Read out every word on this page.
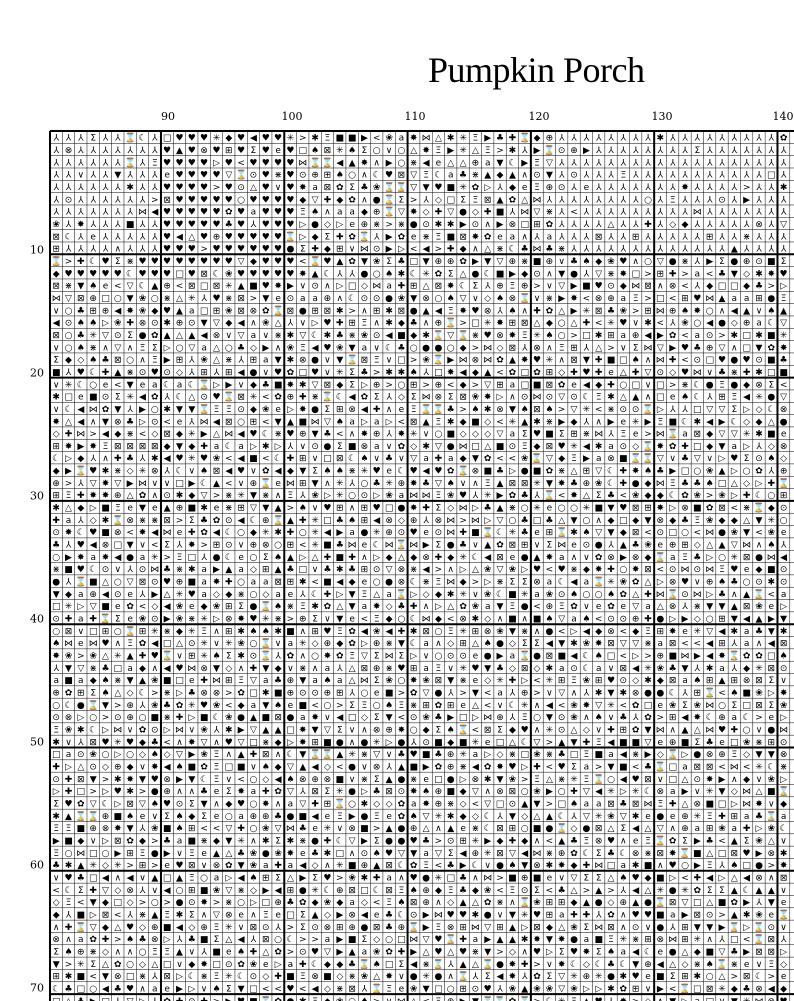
Pumpkin Porch
90	100	110	120	130	140
10
20
30
40
50
60
70
⅄ ⅄ ⅄ Σ ⅄ ⅄ ⌛ ☾ ⅄ □ ♥ ♥ ♥ ✳ ◆ ♥ ◀ ♥ ♥ ✳ > ✱ Ξ ■ ■ ▶ < ❀ a ✸ ⋈ △ ✱ ✳ Ξ ▶ ♣ ✚ ⌛ ◆ ⊕ ⅄ ⅄ ⅄ ⅄ ⅄ ⅄ ⅄ ⅄ ✱ ⅄ ⅄ ⅄ ⅄ ⅄ ⅄ ⅄ ⅄ ⅄ ✿
⅄ ⊗ ⅄ ⅄ ⅄ ⅄ ⅄ ⅄ ⅄ ♥ ▲ ♥ ⊗ ♥ ⊞ ♥ Σ ♥ e ♥ □ ♠ ⊠ ✳ ♠ Σ ○ ∨ ○ △ ✸ Ξ ▶ ✳ △ Ξ > ✱ ⅄ ▶ ⌛ ⊙ ⊕ ▶ ⅄ ⅄ ⅄ ⅄ ⅄ ⅄ ⅄ ⅄ Σ ⅄ ⅄ ⅄ ⅄ ⅄ ⅄ ⅄
⅄ ⅄ ⅄ ⅄ ⅄ ⅄ ⌛ ⅄ Ξ ♥ ♥ ♥ ♥ ▷ ♥ < ♥ ♥ ♥ ♥ ⋈ ⌛ ⌛ ◀ ▲ ✸ ∧ ▶ ○ ⋇ ◀ e △ △ ⊕ a ▼ ☾ ▶ Ξ ▽ ⅄ ⅄ ⅄ ⅄ ⅄ ⅄ ⅄ ⅄ ⅄ ⅄ ⅄ ⅄ ⅄ ⅄ ⅄ ⅄ ⅄ ⅄ ⅄
⅄ ⅄ ∨ ⅄ ⅄ ▼ ⅄ ⅄ ⅄ e ♥ ♥ ♥ ♥ ▽ ⌛ ⊙ ♥ ⋇ ♥ ⊙ ⊕ ⊞ ♠ ○ ∧ ☾ ♥ ⊠ ▽ Ξ ☾ a ♣ ⋇ ▲ ◆ ▲ ∧ ⊙ ▼ ⅄ ⊙ ⅄ ⅄ ⅄ Ξ ⅄ ⅄ ⅄ ⅄ ⅄ ⅄ ⅄ ⅄ ⅄ ⅄ ⅄ □ ⅄
⅄ ⅄ ⅄ ⅄ ⅄ ⅄ ✱ ⅄ ⅄ ♥ ♥ ♥ ♥ > ♥ ⊙ △ ♥ ∨ ♥ ✸ a ⊠ ✿ Σ ♣ ❀ ⌛ ⌛ ▽ ▼ ♥ ■ ✳ ✿ ▷ ⅄ ◆ e Ξ ⊕ ⊙ ⅄ e ⅄ ⅄ ⅄ ⅄ ⅄ ⅄ ⅄ ✸ ⅄ ⅄ ⅄ ⅄ > ⅄ ⅄ ✱
⅄ ⊙ ⅄ ⅄ ⅄ ⅄ ⅄ ⅄ > ⊠ ♥ ♥ ♥ ♥ ♥ ○ ♥ ♥ ♥ ♥ ◆ ▽ ✚ ◆ ✿ ∧ ● ⌛ Σ > ⅄ ◇ □ Σ Ξ ⊠ ▲ ✿ △ ⋈ ⅄ ⅄ ⅄ ⅄ ⅄ ⅄ ⅄ ⅄ ○ ⅄ Ξ ⅄ ⅄ ⅄ ⊙ ⅄ ▶ ⅄ ⅄ ⅄
⅄ ⅄ ⅄ ⅄ ⅄ ⅄ ⅄ ⋈ ◀ ♥ ♥ ♥ ♥ ♥ ✿ ♥ a ♥ ♥ ♥ Ξ ♠ ∧ a a ◆ ⊕ ⌛ ▽ ✸ ◇ ✚ ▽ ● ◇ ✚ ■ ⅄ ⋈ ▽ ⋇ ⅄ < ⅄ ⅄ ⅄ ⅄ ⅄ ⅄ ⅄ ⅄ ⅄ ⋈ ⅄ ⅄ ⅄ ⅄ ⅄ ⅄ ⅄
❀ ⅄ ✸ ⅄ ⅄ ⅄ ■ ⅄ ⅄ ♥ ♥ ♥ ♥ ♥ ♣ ♥ ⅄ ♥ ♥ ♥ ▷ ● ◇ ▷ e ⊕ ⋇ > ⋇ ● ⊙ ✱ ✱ ▶ ⊙ ∧ ▶ ⊗ □ ⊞ ✿ ⅄ ⅄ ⅄ ⅄ △ ⅄ ⅄ ✚ ⅄ ◇ ◆ ⅄ ⅄ ⅄ ⅄ ⅄ ⊗ ⅄ ▽
⊠ ☾ ⅄ e ⅄ ⅄ ⅄ ⅄ ⅄ ♥ ◀ △ ♥ ⊕ ♥ ♥ ♥ ♥ ♥ ⌛ ▷ ◆ Σ ✚ ✿ ⌛ ⅄ ▶ ✿ e ⋇ Ξ ■ ⊠ ✸ ✿ e a ∧ ⅄ a ⅄ ⅄ ⅄ ⊠ ⅄ ⅄ ⊞ ⅄ ⅄ ⅄ ⅄ ⅄ ⊞ ⅄ ⅄ ⋇ ⅄ ⅄ ⅄
⊞ ⅄ ⅄ ⅄ ⅄ ∧ ⅄ ⅄ ⅄ ♥ ♥ ♥ > ♥ ♥ ♥ ♥ ♥ ♥ ● Σ ✚ ◆ ⊞ ∨ ⋈ ⊙ ▶ ▷ < ◀ > ✚ ◆ ∧ △ ⋇ ☾ ♣ ⋈ ♣ ⋇ ⅄ ⅄ ⅄ ⅄ ⅄ ⅄ ⅄ ⅄ ⅄ ⅄ ⅄ ⅄ ⅄ ▲ ⅄ ⅄ ⅄ ⅄
⌛ > ✚ ☾ ♥ Σ ⋇ ♥ ♥ ♥ ♥ ♥ ♥ ♥ ♥ ▽ ◆ ♥ ♥ ♥ < ⌛ ♥ ▲ ✿ ▼ ❀ Σ ♣ □ ▼ ⊕ ⊕ ✿ ▶ ▼ ▽ ⊕ ⋇ ■ ⊕ ∨ ♣ ♠ ◆ ❀ ♥ ∧ ○ ▽ ● ⋇ ⅄ ▶ Σ ● ⊕ ⊙ ■ Σ
◆ ♥ ♥ ♥ ♥ ♥ ☾ ♥ ♥ ♥ □ ♥ ⊠ ☾ ❀ ♥ ♥ ♥ ♥ ♥ ✸ ▲ ☾ ⅄ ⅄ ● ○ ♠ ✱ ☾ ✳ ✿ Σ △ ● ☾ ■ ▶ ◆ ⊙ ∧ ▼ ● ⅄ ▽ ⋇ ✸ □ > ⊞ ✚ > a < ♣ ▼ ◇ ✱ ✸ ♥
⊠ ⋇ ▼ ♠ e < ▽ ☾ ▲ ⊕ < ⊠ □ ⊠ ✳ ▲ ■ ♥ ✸ ▶ ∨ ⊙ ∧ ▷ □ ◇ ⋈ a ✚ ⊞ △ ⊠ ✸ ☾ Σ ⅄ ⊕ Ξ ⊕ > ∨ ▽ ▶ ■ ♥ ⊙ ◆ ⋈ ⊠ ∧ ⊗ < ⅄ ◆ □ □ ◆ ♣ > ▷
⋈ ▽ ⊠ ⊕ □ ○ ▼ ❀ ○ ⋇ △ ✳ ⅄ ♥ ⋇ ⊠ > ▼ e ⊙ a a ⊕ ∧ ☾ ⊙ ⊙ ● ❀ ▼ ⊗ ○ ♠ ▽ ∨ ◇ ♠ ⊗ ⌛ ∨ ⋇ ▶ ✸ < ⊗ ⊕ a Ξ > □ < ⊞ ♥ ⋈ ▲ a a ⊞ ● Ξ
∨ ○ ♣ ⊞ ⊕ ◀ ✸ ❀ ◆ ♥ ▲ a □ ⊞ ❀ ⊠ ⊗ ✿ ⌛ ⊠ ● ⊞ ⊠ ✱ > ∧ ⊞ ✱ ⊠ ● ▲ ◀ Ξ ✸ ♥ ⊗ ⅄ ♠ ∧ ✚ ✿ △ ▶ ✳ ⊠ ♣ ❀ > ⊞ ⋈ ⊕ ♠ ✸ ○ ∧ ◀ ▲ ∨ ♠ ▲
◀ ⊙ ♠ ♠ ▷ ❀ ✚ ⊗ ⊙ ✱ ⊕ ⊙ ▼ ▽ ◆ ◀ ∧ ❀ △ ⅄ ∨ ▷ ♥ ✚ ⊞ Ξ ∧ ✱ ◆ ♣ ∧ ⊕ ⌛ > □ ✳ ✸ ⊞ ⊠ △ ◆ ○ △ ✚ < ✳ ♥ ∨ ✱ < ⅄ ❀ ○ ◀ ● ◇ ⊕ a ☾ ▽
⊠ ○ ♣ ✳ ▽ ⊙ Σ ● ✿ ▲ △ ▲ ◀ ⊗ ∨ ▽ a ∨ ⋇ ✱ ▽ ☾ ✱ ♣ ⋇ ❀ ⊙ ◀ ■ ◆ ✱ ⌛ ▽ ⌛ ⋇ ♥ ⊗ ✸ Ξ ✳ ♠ ○ > □ ✱ ⊞ a ⊕ ◀ ▶ ✿ < a ⊙ > ✱ □ ✱ ■ ✳
∨ ○ ♠ ⋇ ∧ ▽ ∧ Ξ Σ ▷ ○ ▽ a △ ○ ♣ ◇ ▶ ∧ ❀ Ξ ◀ ♥ ❀ ▼ a ∨ ☾ ♣ ○ ● ● ○ ◆ > ⋈ ◇ ⊠ ⅄ ⊗ ∧ Ξ ⊞ ⅄ △ > ∨ Σ ⋈ ▽ ▶ ♥ ♣ ⊕ ▽ ∧ □ ▼ ✿ ✸
Σ ◆ ◇ ♠ ♣ ⊠ ○ ∧ Ξ ▶ ⊞ ⅄ ❀ △ ⋇ ⅄ ⊞ a ▼ ✱ ⊗ ● ∨ ▼ ⌛ ⊠ Ξ ∨ □ > ❀ ⌛ ▶ ⋈ ⊗ ⋈ ✿ ▲ ✸ ♥ ✳ ∧ ⊠ ▼ ✚ ■ □ ♠ ∧ ⋈ ✚ < ⊙ □ ♥ ● ♥ ⊙ ■ ♣
■ ⅄ ♥ ☾ ✚ ▲ ⋇ ⊙ ♥ ⊙ ◇ ⅄ ⊞ ⅄ ⊞ ◀ ● ∨ ♥ ✿ □ ♥ ∨ ✳ Σ ♣ > ✱ ✱ ♠ ⅄ □ ✸ ◀ ◆ ▲ < ✿ □ ✿ ⊞ ◇ ✚ ♥ ✚ e △ ✚ ▽ ⊙ ◇ ♥ ⋈ ∨ ♣ ⋇ ✚ ✱ □ ■
∨ ✳ ☾ ○ e < ▼ e a ☾ a ☾ ⌛ ▷ ▶ ∨ ◆ ♣ ■ ✸ ✱ ▽ ⊠ ◆ Σ ▷ ⊕ > ○ ⊞ > ⊕ < ◆ > ▽ ⊞ a □ ■ ⊠ ✿ e ◀ ◆ ✚ ○ □ ∨ □ > ⋇ ☾ ● Ξ ● ◆ ⊗ Σ <
✱ □ e ■ ⊙ Σ ✳ ◀ ✿ ⅄ ☾ △ ⊙ ♥ ⌛ ⊠ ✳ < ✿ ⊕ ✚ ⋇ ⌛ ☾ ◀ ✿ Σ ⅄ ◇ Σ ⋈ ⊗ Σ ⊠ ❀ ✸ ▷ ∧ ⊙ ⋈ ⊙ ▽ ⊙ ☾ Ξ ✱ △ ▲ ∧ □ e ♠ ☾ ⅄ ⊞ Ξ ◀ ✳ ● ▽
∨ ☾ ◀ ⋈ ✿ ▼ ⅄ ▶ ○ ✱ ▼ ▼ ⌛ Ξ Ξ ⊙ ◆ ❀ e ▷ ✸ ● Σ ⊞ ⊗ ◀ ✚ ∧ e Ξ ⌛ ⌛ ♣ > ♠ ✱ ⊗ ▼ ♠ ⊠ ♠ > ▽ ✳ < ⋇ ⊙ ⊙ ⌛ ▷ ⅄ ⅄ □ ▽ ▽ Σ ▷ ◇ ☾ ⊗
✸ △ ◀ ∧ ▼ ⊗ ♣ ▷ ⊙ < e ⅄ ⋈ ◀ ⊠ ○ ⊞ < ▼ ▲ ■ ⋈ ▽ ♠ a ▷ a ▷ < ⊠ ▲ Ξ ✱ ◆ ■ ◇ < ✳ ▲ ✱ ⋇ ▶ ◆ ⅄ ∧ ▶ e ✳ ▶ Ξ ■ ☾ ✱ ◀ ▶ ☾ ◇ ◆ △ ●
◇ ✚ ⋈ > ◀ ◆ ⋇ < ◇ ⊠ ◆ ✳ ▶ △ ⋈ ◀ ♥ ☾ ⋇ ♥ ⊕ ▼ ♣ < ∧ ✸ ⊕ ⅄ ✸ ✳ ∨ ○ ■ ◇ ◇ ◇ ▽ a Σ ♥ ■ Σ ⊞ ⋇ ⋈ ⅄ Ξ e > ⋈ ⌛ a ⊠ ◆ ▽ ▽ ✳ ✱ ■ e
⊞ ✸ ▶ ✸ Ξ ⊠ ⊠ ⊠ ⊠ ◆ ▼ ◆ ✚ a ☾ a ▷ ✱ ▷ ⅄ ∨ ⊙ ● Σ ■ ⊗ a ∨ ✿ ◇ ✱ ▽ ● ⋈ □ △ ■ ⊙ Ξ ◆ ⊠ ♥ ✳ ◀ ✱ a ⊙ ◇ ⌛ ✸ ✿ ✚ □ ◆ ▼ a ▷ ⅄ ◇ ⊗
☾ ▷ ◆ ⅄ ∧ ✚ ♣ ⅄ ✱ ◀ ♥ ✳ ♥ ❀ < ◀ ■ < ☾ ✚ ⊞ ∨ □ ⊠ ☾ ♠ ∨ ♣ ∨ ▽ a ✚ a ◆ ▼ ✿ < < ❀ ⌛ ▽ ◆ Ξ ▶ a ⊗ ■ ⌛ ⌛ ▽ ∨ ♣ ▽ ∨ ▷ ♥ Σ ⊙ ♠ ◇
◆ ▶ ⌛ ♥ ✱ ⋇ ◇ ✳ ⊗ ⅄ ☾ ∨ ♠ ⊠ ◀ ♥ ∨ ✿ ◀ ◆ ▼ Σ ♠ ♠ ⋇ ✳ ♥ e ☾ ♥ ◀ ♥ ✿ ⌛ ⊗ ■ ♣ ▷ ● ■ ✿ ⋇ △ ⊞ ▽ ☾ ✚ ✸ ♠ ♣ ▶ □ ○ ❀ ▲ ▷ ○ ✿ ⅄ ⊕
⊕ > ⅄ ▽ ✸ ▽ ▶ ⋈ ∨ ∨ □ ▶ ☾ ▲ < ∨ ⊕ ⌛ e ⋈ ⊞ ▼ ∧ ✳ ⅄ ○ ♣ ✳ ⊕ ✸ ♣ ▽ ♠ ∨ ∧ Ξ ▲ ⊠ ⊠ ✳ ▼ ✸ ♣ ⊕ ❀ ☾ ✚ ● ◆ ⋈ Ξ ♣ ♣ ♠ □ △ ◇ ▷ ✚ ⌛
⊞ Ξ ✚ ✸ ✸ ⊕ △ ✿ ∧ ⊙ ✱ ◆ ▽ > ⋇ ✳ ▼ ⋇ ∧ Ξ ⅄ ❀ ▷ ✳ ○ ⊙ ▷ ❀ a ⋈ ⋈ Ξ ❀ ♥ ⅄ ✳ ▶ ✿ ♣ ⅄ ⌛ < ✸ △ Σ ♣ < ❀ ◆ ◆ ☾ ✿ ❀ > ❀ ▷ ✚ ☾ ○ ⊞
✱ △ ◆ ▷ ■ Ξ e ▼ e ▲ ⊕ ■ ✱ e ⋇ ⊞ ▽ ▼ ▲ > ♠ ∨ ♥ ⊞ ∧ ⊞ ♥ □ ● ✸ ✚ Σ ◇ ⋈ ▷ ♣ ▲ ⋇ ○ ✳ e ○ ○ ✳ ■ ▼ ♥ ⊠ ⊞ ✸ ▷ ⊗ ■ ✿ ⊠ < ⋇ ⌛ ◆ ⊙
✚ a ⅄ ◇ ✱ ⌛ ⊗ ⋇ ⋇ ⊠ > Σ ♣ ✿ ⊙ ◀ ☾ ⊕ ⌛ ▲ ✚ ✳ □ ♣ ♠ ⊞ ◀ ⊗ ◇ ⊕ ⅄ ⊗ ⋈ > ⋈ ▷ ▽ ○ ♣ □ ♣ △ ▼ ○ ∧ ◆ □ ◆ ▼ ⊗ ◆ ♣ Ξ ❀ ◆ ◆ △ ▼ ✳ ○
⊙ ✸ ☾ ♥ ■ ⊗ < ✸ ◀ ⋈ e ✚ ✿ ◀ ☾ ○ ◆ ✳ ✱ ✚ ○ ✳ ◀ ▶ a ● ✳ ⊕ ⊙ ♥ e ⊙ ⋈ ✚ ■ ⌛ ☾ ✳ ♣ e ⊞ ⌛ ✱ ♠ ▽ ▼ ◆ ⊠ < ⊙ □ ○ < ⋈ ● ❀ ▼ < ❀ e
♣ ⅄ ♥ ◀ ⊗ □ ▼ ∨ < Σ ⅄ ✸ > ⊞ ⊙ ∨ ⊕ ⊗ ○ ⊞ < ✳ ■ ♣ ⋈ e ☾ ⋈ ⌛ ⋈ ▶ Σ ● ♣ ∨ ▲ ✿ ⊠ ⊞ ∨ Σ ⋈ e ⊙ ● ⅄ ▲ ♣ ❀ e ⊕ ⊞ ◇ △ ▲ ▽ ⋈ ∧ ♠ ⅄
○ ▶ ✸ a ✸ ◀ ● a ✳ > Ξ □ ⅄ ● ☾ e ○ Σ ♠ ▲ ▷ △ ✚ ■ ✚ ∧ ▷ ◆ △ ◆ ⊗ ✚ ◆ ✳ ☾ ◀ ⊠ e ● ▲ ✸ a ∧ ∨ ✿ ⊗ ▶ ⊗ ◆ ⌛ a Ξ ♣ ▷ ○ ✳ ⊠ ● ⋈ ◀
⋇ ■ ♥ ☾ ⊙ ∨ ⅄ ⊙ ⋈ ♣ ⋇ ✱ a ▶ ▲ a ◇ ⊞ ▲ ♣ □ ∨ ♣ ✱ ♣ ⊞ ⊙ ▽ ⊗ ⋇ ◀ > ∧ ▷ △ ❀ ▽ ❀ ▷ ♥ < ♥ ⋇ ◆ ✸ ✚ ○ ✸ ⊠ < ⊙ ⋈ ⊙ ⋈ Ξ ♥ e ◆ ■ ⊙
● ⅄ ⌛ ■ △ ○ ▽ ⊠ ⊙ ♥ ⊕ ■ a ✸ ✚ ○ a a ⊠ ⊞ ✱ < ■ ◀ ◆ e ○ ● ⊗ ☾ ⋇ Ξ ⋈ ◆ > ▷ ⋇ Σ Σ ⊗ a ☾ ◀ a ⌛ ✳ ❀ ✿ △ ▷ ⊗ ♥ ∨ ⊕ ♠ ♣ ○ ⊙ ✱ ⊙
▼ ◆ a ⊕ ◀ ⊙ e ⅄ ▶ △ ✳ ♥ a ◇ ◆ ⋇ ○ ◇ a e ⅄ ☾ ✚ ▷ ▼ Ξ △ a ⌛ ▷ ◇ ◆ ✱ ✳ ∨ ❀ ☾ ■ ✳ a ❀ ⊙ ♠ ○ ○ ♠ ✿ △ ✚ ⋈ ⌛ ⊙ ⋈ ▷ ♣ ∧ ▲ ⌛ < a
□ ✳ ▷ ▽ ■ e ✿ < ◇ ◀ ❀ e ◆ ❀ ⊞ Σ ● ⌛ ♠ ⋇ Ξ ✱ ✿ △ ▼ a ✸ ◇ ♣ ✚ ∧ ▷ △ ✿ ❀ a ▼ Ξ ● < ⊕ Ξ ✿ ∨ e ✿ e ▽ a △ ⊗ ⅄ ⋇ ▼ ▼ ▲ ⊠ ❀ e ▷
⊙ ✚ a ✚ ⌛ Σ e ❀ ⊙ ▶ ❀ ⋇ ✳ ▷ ⊗ ✸ ♥ ✳ ⋇ > ⊕ Σ ∨ ▼ e < Ξ ◆ ○ ☾ ⋈ ◆ < ⊗ ✱ ◇ ∧ ■ ∧ ■ ♠ ▽ a ♠ < ⊙ ⊙ ⊕ ✚ ● ▷ ▶ ◇ ○ ⊞ ▼ ◀ ▲ ▶ ▼
○ ⊠ ∨ □ ⊞ ○ ⌛ ⊞ ✳ ⋇ ◆ ✳ Ξ ∧ ⊞ ✱ ♠ ♠ ✱ ■ ∧ ⊞ ♥ Ξ ✿ ◀ ❀ ◀ ✚ ✱ ⊠ ○ Ξ ✳ ⊞ ⊗ ❀ ▼ ⋇ ∧ ● < ▷ ◀ ◆ ⊗ < ◆ Ξ ⊞ ✸ e ✳ ▽ ◀ ✱ a ♣ ▼ ✱
♠ ⋈ e ⋈ ♥ ∧ Ξ ✿ ◀ □ △ ⊙ ✳ ∨ ✳ ❀ ○ ⌛ ∨ a ✳ ◇ ⊕ ◆ ✿ ▷ ⊕ ⋇ ▼ ☾ a ∧ ◇ ⊞ △ ♠ ● ◇ Σ Σ ◀ ▼ ✱ ❀ ✸ ⊠ ▽ ▽ ⋇ a ⊠ < < ◀ ⊞ ⅄ a ∧ ◀ ⊠
✸ ❀ > ❀ △ ✳ ▲ ✚ ♥ ⌛ ∨ ⊞ ✳ ♠ Σ ✱ ⊙ ⌛ ⅄ ✿ ∧ ○ ✸ ✿ Ξ ▽ Σ ⋈ Σ ▷ ∨ ○ ⊙ ⊙ e ● ▶ a ⌛ ● ⊠ ■ ◀ ☾ ♠ □ < ▷ > ⊕ ■ ⋈ ▶ ◀ ✸ ⌛ ✿ ✿ □ ♠
⅄ ▼ ▽ ⋇ ♣ □ a ◆ ∧ ◀ ♥ ⋈ ⊗ ▼ ◇ ∧ ✚ ▼ ◆ ∨ ⋇ ∧ a ⅄ △ ⊠ ⊕ ⋇ ♥ ⊞ a Ξ ∨ ✳ ♥ ▼ ♣ ◇ ⊠ ◇ ✱ a ⊙ ☾ a ∨ ⊠ ◀ ✳ ❀ ♣ ▼ ⅄ ✱ a ⅄ ◆ ✳ ⊠ ⊙
a ■ a ◆ ♠ ⋇ ▼ ▲ ❀ ■ □ e ✚ ⋈ ⊞ Ξ ▽ a ♣ ⊕ ▼ a ♠ a △ ⋈ Σ ❀ ○ ✸ ❀ ⊠ ▼ ⋇ e ◇ ✳ ✚ ▷ < ✳ ⊞ Ξ ❀ ⊞ ♥ ⊙ ◇ ✱ ◆ ⊠ a ♠ ⊞ ▲ ⊞ ⊗ ⊠ Σ ∨
⊕ ✿ ⊞ Σ ♠ △ ◇ ☾ > ⋇ ▷ ♣ ⊗ ⊗ > ✿ □ ✱ ■ ⊕ ⊙ ⊙ ⊕ ⊞ ⅄ ○ e ■ > ✿ ▽ ● ⅄ > ▼ < a ⅄ ⊕ > ∨ ▽ ∧ ⅄ ✱ ▼ ✱ ⊗ ● ● ☾ ⅄ ⊞ ⌛ < ♠ ■ ❀ ▷ ✸
○ ☾ ● ⌛ ▼ > ⊕ ⅄ ❀ ♣ ✿ ✳ ♥ ❀ < ◆ a ▼ ♠ e ■ < ○ > Σ Ξ ○ ♠ Ξ ⋇ ⊞ ✿ ⊞ e △ < ∨ ☾ ✳ ∧ ◀ < ❀ ✸ ▽ ✳ < ✿ □ e ❀ Σ ❀ ⋈ ○ Σ □ ⊠ Σ ❀
⊙ ⊗ ▷ ○ > ⊙ ⊕ ○ ■ ⋇ ✚ ▷ ■ ☾ ❀ ● ▲ ■ ⊠ ● a ✸ ∨ ◀ □ ◇ Σ ▼ < ⊙ ❀ ♣ ▶ □ ▷ ⋈ ⊕ ⅄ Ξ ○ ▼ ⊙ ❀ ∧ ♠ ∨ ♣ ⅄ ✿ > ⊞ ◀ ✸ ☾ ⊕ a ☾ > e ▷
Ξ ❀ ✱ ☾ ▷ ⋈ ∨ ✿ ⊙ ▷ ⋈ ∨ ❀ ⅄ ✱ ▶ ▽ ▲ ▲ □ ✸ ▼ ▽ Σ ∨ ∧ ⊗ ⊕ ✸ ○ ◆ Σ ♠ ⌛ < ⊠ Σ ◆ ♥ ∧ ✳ ⊙ △ ◇ ∨ ✚ ⊞ ✿ ▼ ⋈ ∧ ▲ △ ⋈ ♥ ✚ ○ ∨ ● ⋈
✱ ∨ ⅄ ⊠ ♥ ✳ ♥ ◆ ♣ < ∧ ✸ ▽ ∧ ♥ ▽ □ ⋇ ◆ ▷ ✸ ⊞ ■ ● ∧ ● ✳ ▷ ● ⅄ ⊙ ■ ◆ ■ ✳ e □ △ ☾ ▽ > ▲ ▼ ✚ Ξ ◀ ■ ■ ▽ e ⊕ ■ Σ ♣ e □ ❀ ⋇ ⊞ ⊙
□ a ⊙ ❀ ○ ▷ ○ ◇ ♠ ◇ ▽ ▶ ❀ Ξ ∧ ▲ ✚ ⊠ ∧ ☾ ▼ ⌛ ⌛ ▲ ✳ ⋇ ▽ ∨ ♣ ♥ ■ ♣ ⊕ ✳ a ▷ ◇ ⋇ □ ❀ ⋇ ♣ □ Ξ ■ a ◀ ⋇ ▶ ◇ ⌛ ▷ ● ⊗ ⊕ Ξ ◇ ▼ ▼ ⊗
✚ ▷ △ ⊙ ◇ ⊕ ◆ ∨ ✸ ◀ ♠ ■ ✿ Ξ □ ■ ∨ ♠ ◆ ▽ ▲ ◀ ◇ < ● ∨ ⊗ ⅄ ▲ ■ ▶ ✿ ⊕ ⋇ ◀ ✿ ✸ ♥ ▷ ✚ < ♥ Σ a > ▼ ■ < ♣ ⌛ □ a ⊠ ⊠ < ⋈ < ✳ ☾ ⋇
⊙ ✚ ⊠ ▼ > ✱ ✸ ▼ ♥ ⊗ ▶ ▼ ☾ Ξ ∨ < ○ ◇ ◀ ♠ ⊗ ⊕ ⊗ ■ ∨ ⋇ Σ ▲ ● ⋇ e □ ● ▷ ⊗ ✱ ▼ ❀ > Ξ △ ⋇ ✳ Ξ ⌛ ○ ◀ ♥ ⊠ ∨ □ △ ⊙ ✸ ▶ ∧ ◆ ∨ ❀ ▷
▷ ✚ □ > ▷ ♥ ✱ > ● ⊕ ∧ ∧ ♣ e Σ ✸ a ✚ ✿ ▽ ⅄ ⊠ Σ ✳ ● ▷ ♣ ⊠ ⊙ ✸ ♠ ⊕ ■ ◆ ▽ ∧ ⊗ ⊠ ○ ❀ ▶ ○ ✚ ▽ ◀ ✳ ▷ ✳ ☾ ⊗ a ▶ ∨ ✳ ▼ ◇ ⋈ △ ■ ⌛
Σ ♥ ✿ ▽ ☾ ▷ ⊠ ▽ ♠ ♥ ⊙ Σ ▼ ∧ ◆ ♥ ○ ✸ ∧ a ▽ ✚ ⊞ ⌛ ○ ✱ ◇ ◇ ✿ a ✸ ⊕ ⋇ ◇ < ▽ □ ⊙ ▲ ▼ > □ ♠ a a ⊠ ♣ ⊠ ⋈ Ξ ✚ △ ⊗ ■ □ ▷ ⋈ ✸ ∨ ◆
✱ ▲ ⌛ ⌛ ⊕ ■ ♠ e ∨ Σ ♠ ◆ Σ e ○ a ⊕ ⊕ ♣ ● ■ ◀ e Ξ ▶ ● Ξ e ✿ ♠ ▽ ✳ ✱ ◆ ◇ ☾ ⅄ ▼ ◇ △ ▲ ☾ ⅄ ▽ ✳ ❀ ▽ ✱ e ● e ⊕ ✳ Ξ ✚ ⊞ a ♣ ⌛ a
Ξ Ξ ■ ⊕ ⊗ ✸ ▼ ⅄ ❀ ■ ♠ ⊞ < < ▽ ✚ ○ ❀ ▽ ⋈ ♣ e ✳ ∨ ⊗ ■ > ▲ ● ⊕ △ ∧ ▲ e ⋇ ☾ ⊠ ⊞ ○ ■ ● ⌛ ◇ ● ⊠ △ Σ ◀ △ ▽ ∧ ⊕ a ⊞ ❀ a ✚ ▷ ❀ ☾
▶ ■ ◆ ∨ ▷ ⊠ ✿ ◆ > ♣ a ■ ⋇ ◆ ▼ ✳ ∧ ✱ Σ ✱ ⋇ ● ✚ ☾ ▽ ▶ Σ ● ● ♥ ♣ > ⊙ ⊞ ✳ ▶ ◆ ✚ ◆ ∧ < ▲ ♣ Ξ ⊗ ♥ ∧ e Ξ ⌛ ✿ Σ ▶ ♣ < ▲ Σ ❀ △ ∨
Ξ ○ ⋈ □ ○ ▶ ⊞ Ξ ● ▶ ∨ Ξ e ▲ △ ♣ ❀ ● ❀ ✸ e ♣ ✱ □ ∧ ⊙ ♠ ♥ ▽ ▼ a ▽ Σ ◀ ⊕ ✳ ⊠ ▽ ◀ ⋈ ⋇ ⊕ ✿ ☾ Σ ♣ ☾ ⊗ ⋇ ⊠ ✸ ⌛ ■ △ □ ⊠ ♥ ▶ ⊗ ✱
♣ ✱ ▲ ✳ ◇ ✳ > ⊞ > e ♥ ⊠ ∨ ⊗ ✿ ▼ ❀ a ✚ a ◀ ◇ ∧ ✳ ■ ⊕ ▲ ⊠ ☾ ✿ Ξ < ♣ ▶ ☾ ∨ ● ♠ ▼ ⊗ ✱ ✸ ◆ ✚ ⋈ □ a ✱ ■ ∧ ♥ ○ ▶ Ξ ⅄ ♠ □ ● > ✸
∨ ♥ ♣ □ ◀ ∧ ◀ ∨ ▲ □ ▲ Ξ ○ a ▷ ◀ ♠ ⊞ Σ △ ▶ Σ ♥ > ❀ ✱ ✚ a ∧ ♥ ● ✳ □ ♣ ∧ ⋈ > ■ ⊕ ■ e ∨ ▽ Σ Σ △ ♠ ♥ ◆ ■ ▷ < ✚ ◀ ▷ △ ◀ ⊗ ∧ ⊠
< ☾ Σ ✚ ▽ ◇ ⊗ ⅄ ∨ ◀ ○ ⊞ ■ ❀ ▽ ⋇ ◇ ▶ ◀ ⊞ ● ✳ ☾ ⊕ ⊠ □ ☾ ⊠ Ξ ♠ ⊕ ◆ Ξ ♣ ◆ ❀ < Ξ ⊙ Σ < ♣ △ > ▲ > ⅄ ◀ △ ✳ ● ✳ ✿ Σ Σ ▲ ☾ ▲ ▲ ∨
◇ Ξ < ▼ ◆ □ ◇ > ○ > ● ⊙ ✸ > ⋇ ○ ▷ □ ⊕ ♣ ✿ ◆ ❀ ◆ a ◇ < Ξ ♠ ⊠ ⊕ ∧ ◇ ▲ △ ✿ ⋇ ∧ ⌛ ❀ ⊞ ⊞ ◆ ▲ ● ◇ ⊕ ▲ ● ⌛ ⊠ ▽ □ △ ■ ✿ ▶ ⅄ ▼ e
◆ ⅄ ■ ▷ ⊠ < ⅄ ⋇ ▲ Ξ ✱ Σ ∧ ▽ ⊗ e ∧ Ξ e □ Σ ▲ ◇ ▶ ⊗ ◀ e ♣ ☾ ⊙ ▶ ⋈ ♥ ♥ ✱ ● ∨ ▼ ✳ ♥ ⊞ a ✚ ✚ ⅄ ✿ ∧ ♥ ♥ ■ a ▶ ⊠ ⊙ > ▲ ✱ ❀ e ⌛
∧ ✚ ⌛ ▽ ◆ △ ♥ ◇ ⊕ ■ ◀ ◇ ⊕ Ξ ✳ ∨ ⊠ ⊙ ⅄ > Σ ⊙ ⊗ ⊞ ⊕ ● ⊠ ♣ ⊕ ⌛ ▶ Ξ ⊗ ⊞ ⋈ ▽ ⊞ ▲ ▷ ⊠ ◆ △ ❀ Σ ⋈ ⊠ ∧ ⊙ ∨ ● ⅄ ⊞ ▼ ▼ ▶ ⌛ ▷ ⌛ ⊙ ∨
⊗ ∧ a ✿ ✚ > ♠ ♣ ⊗ ▷ ⅄ ♣ ■ Σ △ ◀ ⅄ ⊠ ○ ☾ > > a ▶ ■ Σ ◇ ○ □ ⋈ ▽ ♥ ⌛ ✚ a ▶ ▲ ▲ ✱ ✸ ▼ ✸ ● a ■ Ξ ✳ ⋇ ⊞ ⊗ ⋈ ⊞ ✳ ∧ ⅄ □ < ⌛ ⊠ ⅄
Σ ♠ ⊕ ⋇ ◇ ∧ ∧ ○ Ξ Ξ ▲ ∨ ⅄ ■ e ♠ ✚ △ ✿ > ⊙ ♥ ▽ ▶ ▲ a ❀ ✿ ✚ ▶ △ ♥ △ ♥ ⋇ ▼ > ◇ ∧ ♥ ▷ Σ ♥ ✸ Σ ♠ a ◀ ☾ e ● △ ◆ ■ ▽ ♣ ▶ ⊠ ⊠ ▷
▼ > ✳ Σ △ ✿ ○ ◇ △ □ ∨ ◆ ✸ □ ⊙ ✿ ❀ e ▷ a ✚ ☾ ◆ ◆ ♣ ⌛ ♠ □ Σ ◀ ⋇ ⌛ ⅄ ▲ △ ⌛ ● ✸ ✚ > ∨ ✸ ☾ ◇ ☾ ♣ ☾ ▼ ⊕ ◀ △ ◇ ⋇ ♠ ⌛ ⋇ e ∨ Ξ ◇
⊞ ✱ ■ < ▼ ⊗ □ ⋇ ⅄ ⊠ ▷ ☾ ⋇ Ξ ✳ ☾ ⊙ ◇ ✚ ■ Ξ ⊗ ■ ◇ ⋇ ❀ △ ✸ ∨ ● ✳ ● ∧ ⌛ ⅄ Σ ◀ ✸ ⅄ ✿ Σ ▽ ✳ ⊕ ✳ ● ✱ ♥ e ■ Σ ⊞ ✱ ○ △ > ⊠ ☾ > e
☾ ♣ □ ○ ◀ ♣ ♥ ∧ a e ▶ ▷ ∨ ♠ Σ ▼ □ < < ♥ < ◀ ◇ ⋇ ⊠ ⅄ ⌛ Ξ e ❀ ▼ □ ○ ⊞ ⊙ ♥ ⅄ ❀ ▲ ❀ ❀ ▽ ❀ ▷ ▷ ✱ ✿ ⊞ ∨ ▶ < ⌛ □ ⊠ ✳ ◆ ♣ ⊗ ◀ ◆
